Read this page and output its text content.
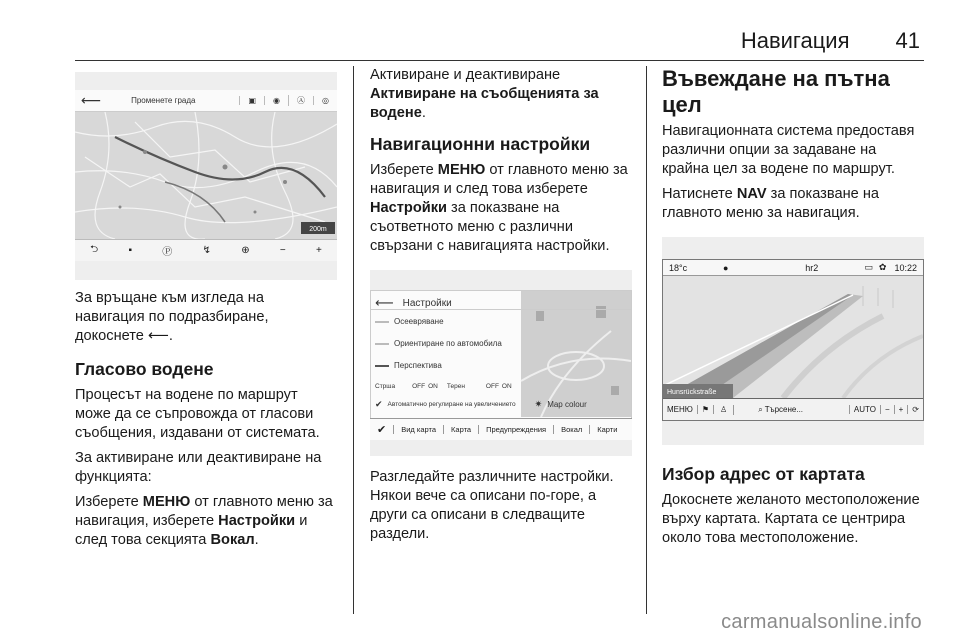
Навигация 41
⟵	Променете града	▣	◉	Ⓐ	◎
200m
⮌	▪	Ⓟ	↯	⊕	−	+

За връщане към изгледа на навигация по подразбиране, докоснете ⟵.

Гласово водене

Процесът на водене по маршрут може да се съпровожда от гласови съобщения, издавани от системата.

За активиране или деактивиране на функцията:

Изберете МЕНЮ от главното меню за навигация, изберете Настройки и след това секцията Вокал.

Активиране и деактивиране

Активиране на съобщенията за водене.

Навигационни настройки

Изберете МЕНЮ от главното меню за навигация и след това изберете Настройки за показване на съответното меню с различни свързани с навигацията настройки.

⟵ Настройки
Осеевряване
Ориентиране по автомобила
Перспектива
Стрша	OFF ON	Терен	OFF ON
✔ Автоматично регулиране на увеличението	✷ Map colour
✔	Вид карта	Карта	Предупреждения	Вокал	Карти

Разгледайте различните настройки. Някои вече са описани по-горе, а други са описани в следващите раздели.

Въвеждане на пътна цел

Навигационната система предоставя различни опции за задаване на крайна цел за водене по маршрут.

Натиснете NAV за показване на главното меню за навигация.

18°c	●	hr2	▭ ✿ 10:22
Hunsrückstraße
МЕНЮ	⚑	♙	⌕ Търсене...	AUTO	−	+	⟳
Избор адрес от картата

Докоснете желаното местоположение върху картата. Картата се центрира около това местоположение.

carmanualsonline.info
